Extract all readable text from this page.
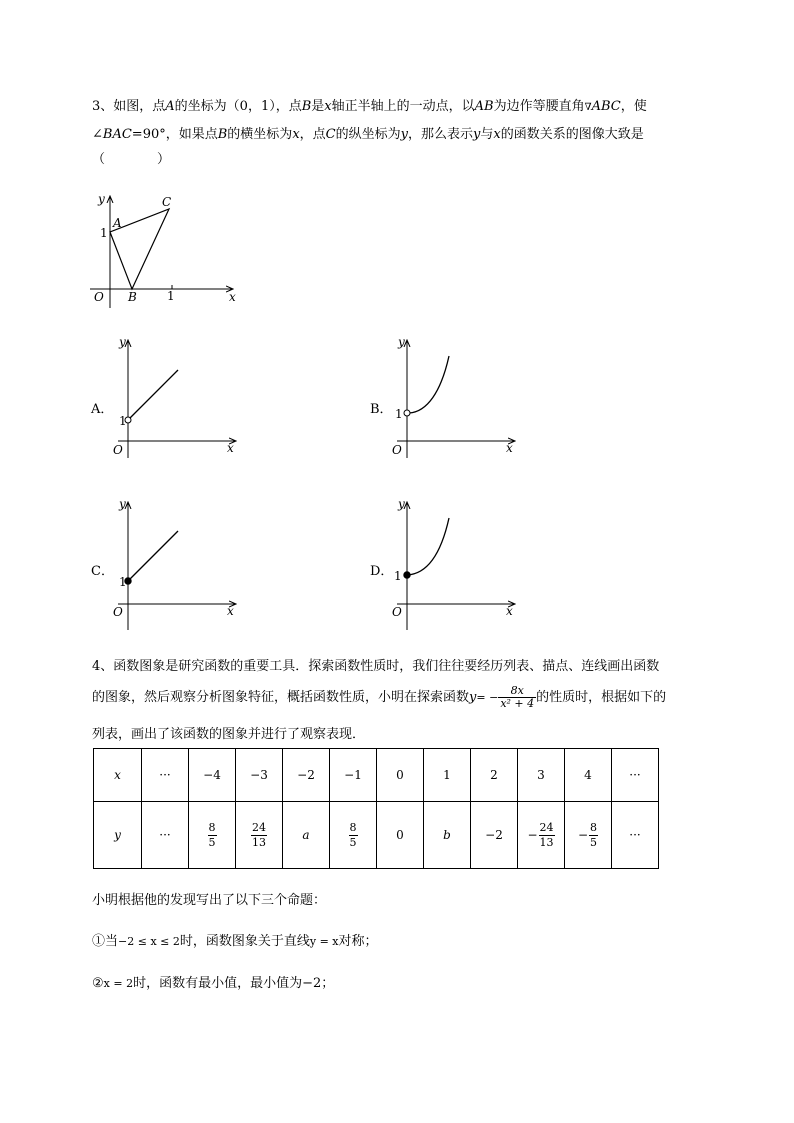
3、如图，点A的坐标为（0，1），点B是x轴正半轴上的一动点，以AB为边作等腰直角∇ABC，使
∠BAC=90°，如果点B的横坐标为x，点C的纵坐标为y，那么表示y与x的函数关系的图像大致是
（　　　　）
y
x
A
C
B
O
1
1
A．
y
x
O
1
B．
y
x
O
1
C．
y
x
O
1
D．
y
x
O
1
4、函数图象是研究函数的重要工具．探索函数性质时，我们往往要经历列表、描点、连线画出函数
的图象，然后观察分析图象特征，概括函数性质，小明在探索函数$y= - \frac{8x}{\text{x² + 4}}$ 的性质时，根据如下的
列表，画出了该函数的图象并进行了观察表现．
x	···	−4	−3	−2	−1	0	1	2	3	4	···
y	···	$\frac{8}{5}$	$\frac{24}{13}$	a	$\frac{8}{5}$	0	b	−2	− $\frac{24}{13}$	− $\frac{8}{5}$	···
小明根据他的发现写出了以下三个命题：
①当−2 ≤ x ≤ 2时，函数图象关于直线y = x对称；
②x = 2时，函数有最小值，最小值为−2；
